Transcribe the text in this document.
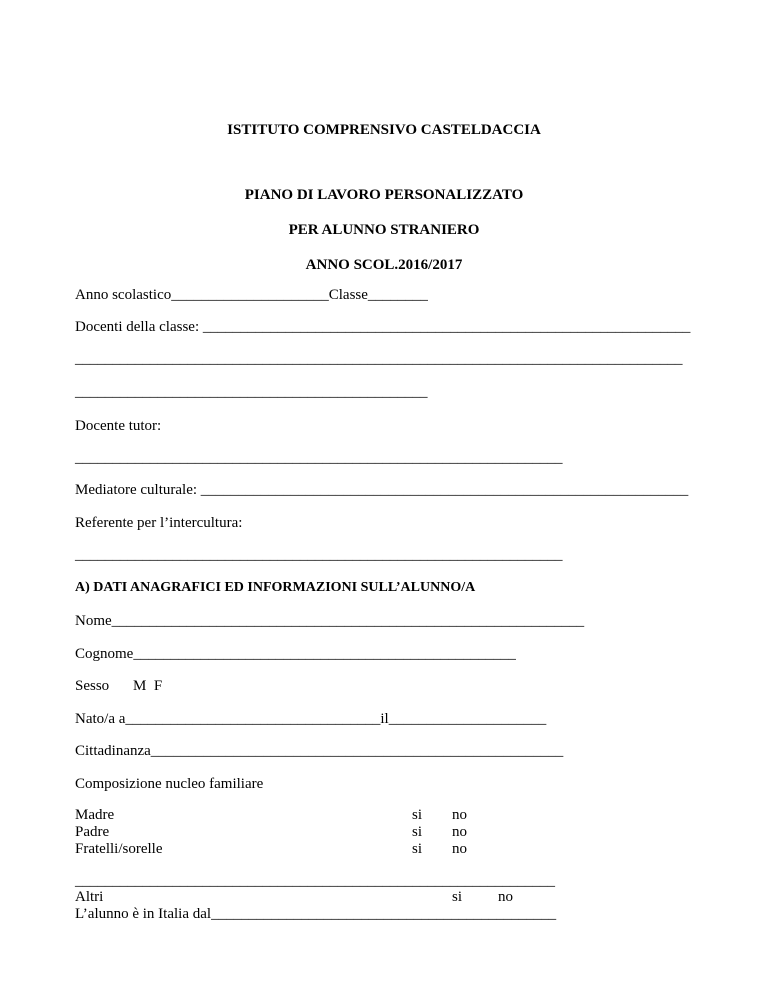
ISTITUTO COMPRENSIVO CASTELDACCIA
PIANO DI LAVORO PERSONALIZZATO
PER ALUNNO STRANIERO
ANNO SCOL.2016/2017
Anno scolastico_____________________Classe________
Docenti della classe: _________________________________________________________________
_________________________________________________________________________________
_______________________________________________
Docente tutor:
_________________________________________________________________
Mediatore culturale: _________________________________________________________________
Referente per l’intercultura:
_________________________________________________________________
A) DATI ANAGRAFICI ED INFORMAZIONI SULL’ALUNNO/A
Nome_______________________________________________________________
Cognome___________________________________________________
Sesso M  F
Nato/a a__________________________________il_____________________
Cittadinanza_______________________________________________________
Composizione nucleo familiare
Madre	si no
Padre	si no
Fratelli/sorelle	si no
________________________________________________________________
Altri	si no
L’alunno è in Italia dal______________________________________________
